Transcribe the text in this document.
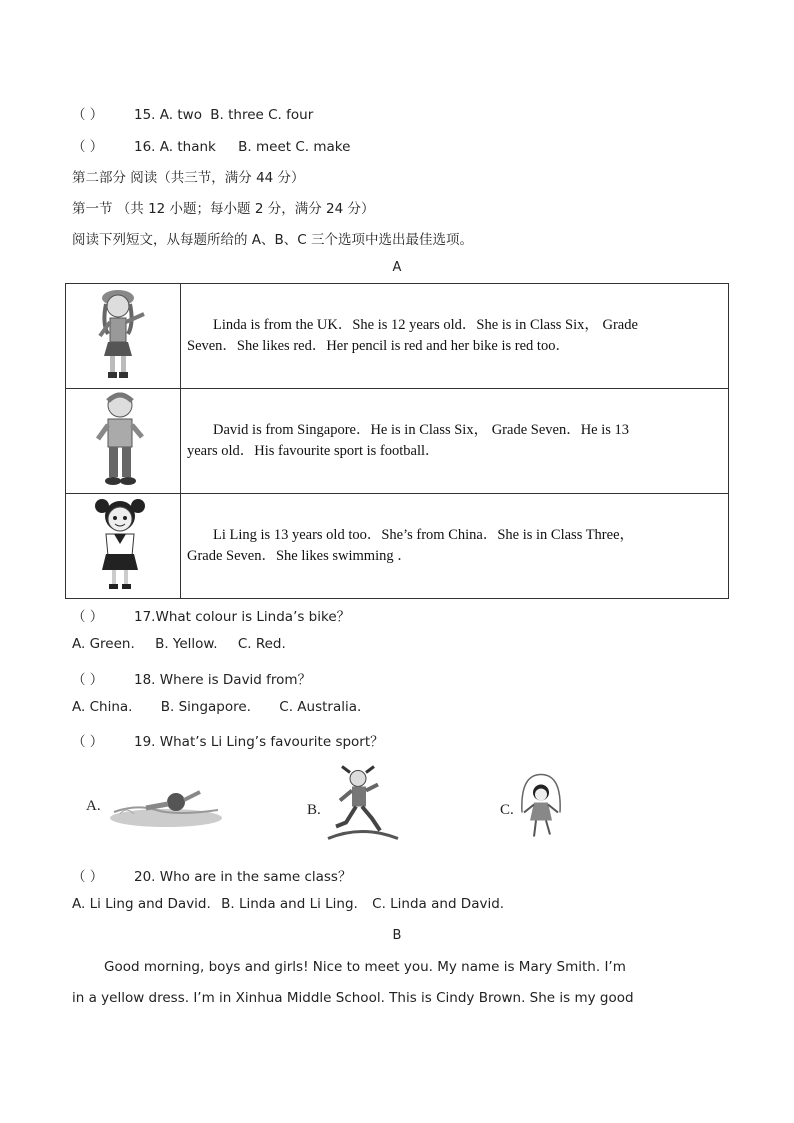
（ ） 15. A. two B. three C. four
（ ） 16. A. thank B. meet C. make
第二部分 阅读（共三节，满分 44 分）
第一节 （共 12 小题；每小题 2 分，满分 24 分）
阅读下列短文，从每题所给的 A、B、C 三个选项中选出最佳选项。
A

Linda is from the UK．She is 12 years old．She is in Class Six， Grade
Seven．She likes red．Her pencil is red and her bike is red too．

David is from Singapore．He is in Class Six， Grade Seven．He is 13
years old．His favourite sport is football．

Li Ling is 13 years old too．She’s from China．She is in Class Three，
Grade Seven．She likes swimming ．
（ ） 17.What colour is Linda’s bike？
A. Green. B. Yellow. C. Red.
（ ） 18. Where is David from？
A. China. B. Singapore. C. Australia.
（ ） 19. What’s Li Ling’s favourite sport？
A.	B.	C.
（ ） 20. Who are in the same class？
A. Li Ling and David. B. Linda and Li Ling. C. Linda and David.
B
Good morning, boys and girls! Nice to meet you. My name is Mary Smith. I’m
in a yellow dress. I’m in Xinhua Middle School. This is Cindy Brown. She is my good
